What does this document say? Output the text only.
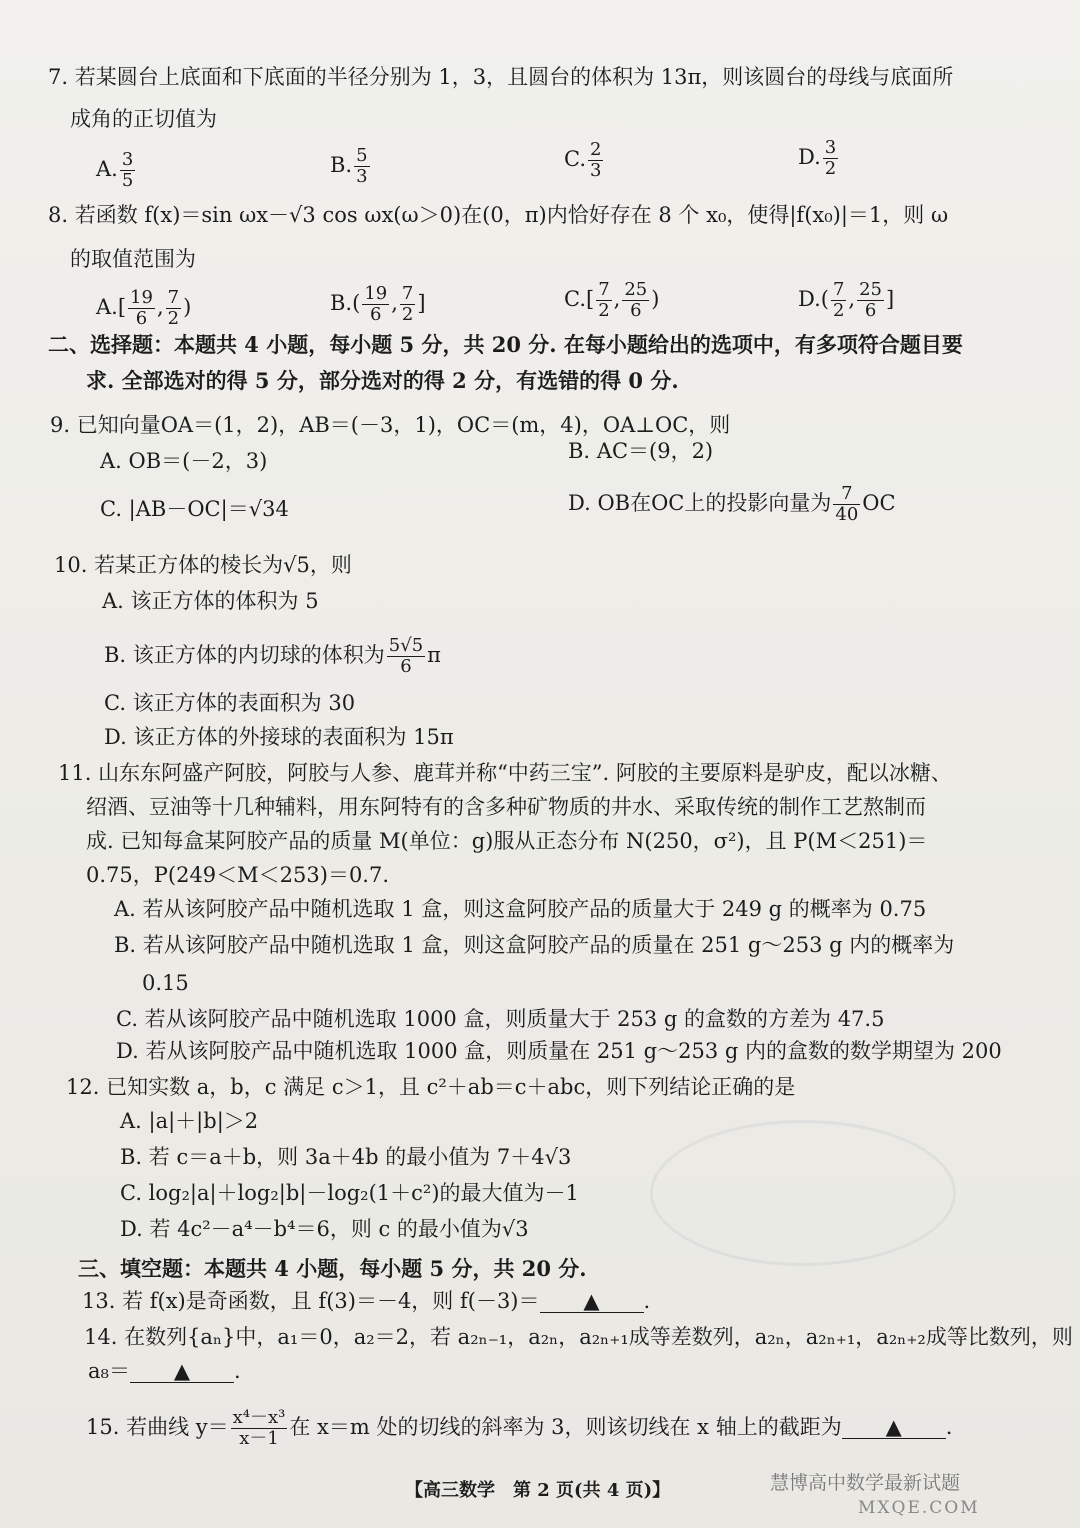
7. 若某圆台上底面和下底面的半径分别为 1，3，且圆台的体积为 13π，则该圆台的母线与底面所
成角的正切值为
A. $\frac{3}{5}$	B. $\frac{5}{3}$	C. $\frac{2}{3}$	D. $\frac{3}{2}$
8. 若函数 f(x)＝sin ωx－√3 cos ωx(ω＞0)在(0，π)内恰好存在 8 个 x₀，使得|f(x₀)|＝1，则 ω
的取值范围为
$A.[ \frac{19}{6}$ , $\frac{7}{2}$ )	$B.( \frac{19}{6}$ , $\frac{7}{2}$ ]	$C.[ \frac{7}{2}$ , $\frac{25}{6}$ )	$D.( \frac{7}{2}$ , $\frac{25}{6}$ ]
二、选择题：本题共 4 小题，每小题 5 分，共 20 分. 在每小题给出的选项中，有多项符合题目要
求. 全部选对的得 5 分，部分选对的得 2 分，有选错的得 0 分.
9. 已知向量OA＝(1，2)，AB＝(－3，1)，OC＝(m，4)，OA⊥OC，则
A. OB＝(－2，3)	B. AC＝(9，2)
C. |AB－OC|＝√34	D. OB在OC上的投影向量为 $\frac{7}{40}$ OC
10. 若某正方体的棱长为√5，则
A. 该正方体的体积为 5
B. 该正方体的内切球的体积为 $\frac{5√5}{6}$ π
C. 该正方体的表面积为 30
D. 该正方体的外接球的表面积为 15π
11. 山东东阿盛产阿胶，阿胶与人参、鹿茸并称“中药三宝”. 阿胶的主要原料是驴皮，配以冰糖、
绍酒、豆油等十几种辅料，用东阿特有的含多种矿物质的井水、采取传统的制作工艺熬制而
成. 已知每盒某阿胶产品的质量 M(单位：g)服从正态分布 N(250，σ²)，且 P(M＜251)＝
0.75，P(249＜M＜253)＝0.7.
A. 若从该阿胶产品中随机选取 1 盒，则这盒阿胶产品的质量大于 249 g 的概率为 0.75
B. 若从该阿胶产品中随机选取 1 盒，则这盒阿胶产品的质量在 251 g～253 g 内的概率为
0.15
C. 若从该阿胶产品中随机选取 1000 盒，则质量大于 253 g 的盒数的方差为 47.5
D. 若从该阿胶产品中随机选取 1000 盒，则质量在 251 g～253 g 内的盒数的数学期望为 200
12. 已知实数 a，b，c 满足 c＞1，且 c²＋ab＝c＋abc，则下列结论正确的是
A. |a|＋|b|＞2
B. 若 c＝a＋b，则 3a＋4b 的最小值为 7＋4√3
C. log₂|a|＋log₂|b|－log₂(1＋c²)的最大值为－1
D. 若 4c²－a⁴－b⁴＝6，则 c 的最小值为√3
三、填空题：本题共 4 小题，每小题 5 分，共 20 分.
13. 若 f(x)是奇函数，且 f(3)＝－4，则 f(－3)＝ ▲ .
14. 在数列{aₙ}中，a₁＝0，a₂＝2，若 a₂ₙ₋₁，a₂ₙ，a₂ₙ₊₁成等差数列，a₂ₙ，a₂ₙ₊₁，a₂ₙ₊₂成等比数列，则
a₈＝ ▲ .
15. 若曲线 $y= \frac{\text{x⁴－x³}}{x-1}$ 在 x＝m 处的切线的斜率为 3，则该切线在 x 轴上的截距为 ▲ .
【高三数学　第 2 页(共 4 页)】	慧博高中数学最新试题
MXQE.COM
